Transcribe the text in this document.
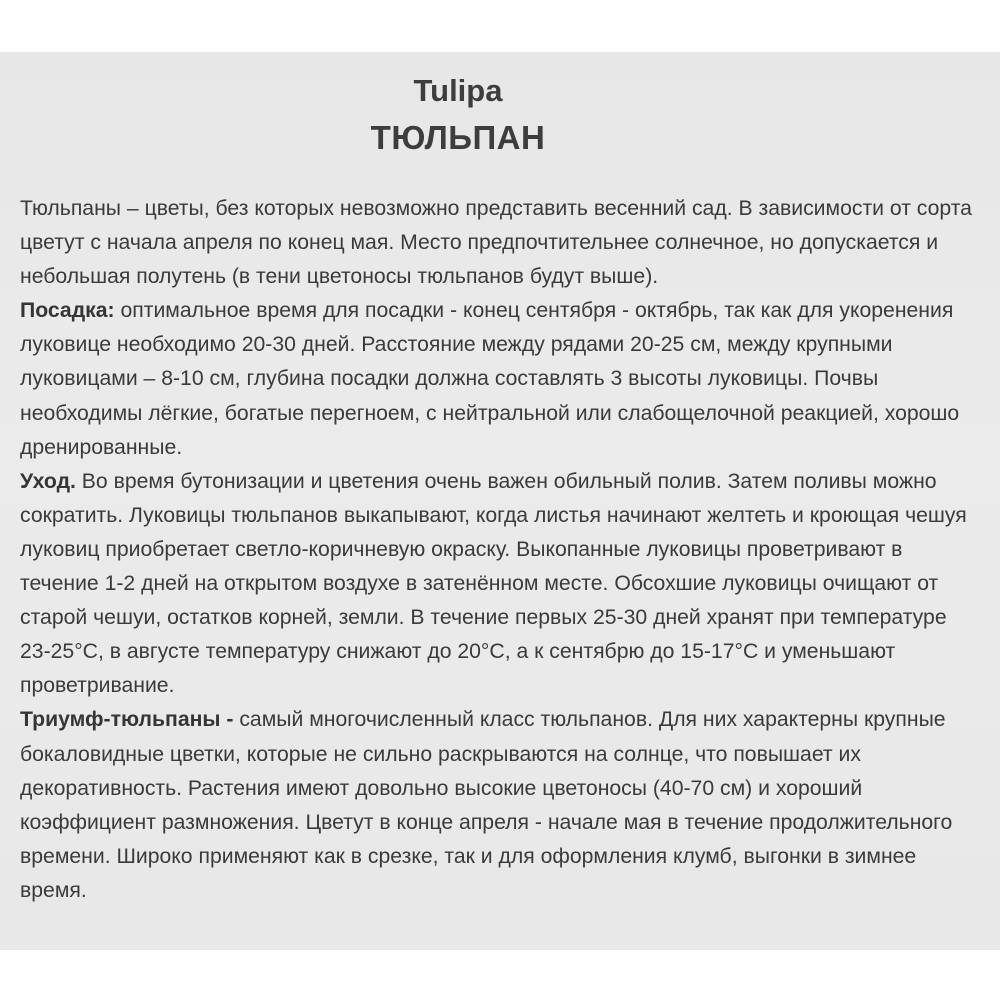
Tulipa
ТЮЛЬПАН

Тюльпаны – цветы, без которых невозможно представить весенний сад. В зависимости от сорта цветут с начала апреля по конец мая. Место предпочтительнее солнечное, но допускается и небольшая полутень (в тени цветоносы тюльпанов будут выше).

Посадка: оптимальное время для посадки - конец сентября - октябрь, так как для укоренения луковице необходимо 20-30 дней. Расстояние между рядами 20-25 см, между крупными луковицами – 8-10 см, глубина посадки должна составлять 3 высоты луковицы. Почвы необходимы лёгкие, богатые перегноем, с нейтральной или слабощелочной реакцией, хорошо дренированные.

Уход. Во время бутонизации и цветения очень важен обильный полив. Затем поливы можно сократить. Луковицы тюльпанов выкапывают, когда листья начинают желтеть и кроющая чешуя луковиц приобретает светло-коричневую окраску. Выкопанные луковицы проветривают в течение 1-2 дней на открытом воздухе в затенённом месте. Обсохшие луковицы очищают от старой чешуи, остатков корней, земли. В течение первых 25-30 дней хранят при температуре 23-25°С, в августе температуру снижают до 20°С, а к сентябрю до 15-17°С и уменьшают проветривание.

Триумф-тюльпаны - самый многочисленный класс тюльпанов. Для них характерны крупные бокаловидные цветки, которые не сильно раскрываются на солнце, что повышает их декоративность. Растения имеют довольно высокие цветоносы (40-70 см) и хороший коэффициент размножения. Цветут в конце апреля - начале мая в течение продолжительного времени. Широко применяют как в срезке, так и для оформления клумб, выгонки в зимнее время.
